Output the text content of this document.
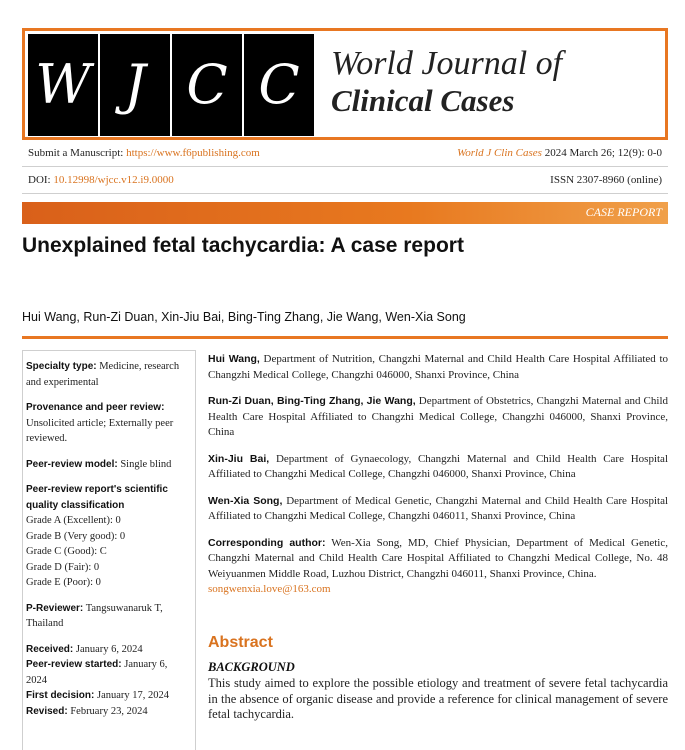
W J C C World Journal of
Clinical Cases
Submit a Manuscript: https://www.f6publishing.com	World J Clin Cases 2024 March 26; 12(9): 0-0
DOI: 10.12998/wjcc.v12.i9.0000	ISSN 2307-8960 (online)
CASE REPORT
Unexplained fetal tachycardia: A case report
Hui Wang, Run-Zi Duan, Xin-Jiu Bai, Bing-Ting Zhang, Jie Wang, Wen-Xia Song
Specialty type: Medicine, research
and experimental
Provenance and peer review:
Unsolicited article; Externally peer
reviewed.
Peer-review model: Single blind
Peer-review report's scientific
quality classification
Grade A (Excellent): 0
Grade B (Very good): 0
Grade C (Good): C
Grade D (Fair): 0
Grade E (Poor): 0
P-Reviewer: Tangsuwanaruk T,
Thailand
Received: January 6, 2024
Peer-review started: January 6,
2024
First decision: January 17, 2024
Revised: February 23, 2024
Hui Wang, Department of Nutrition, Changzhi Maternal and Child Health Care Hospital Affiliated to Changzhi Medical College, Changzhi 046000, Shanxi Province, China
Run-Zi Duan, Bing-Ting Zhang, Jie Wang, Department of Obstetrics, Changzhi Maternal and Child Health Care Hospital Affiliated to Changzhi Medical College, Changzhi 046000, Shanxi Province, China
Xin-Jiu Bai, Department of Gynaecology, Changzhi Maternal and Child Health Care Hospital Affiliated to Changzhi Medical College, Changzhi 046000, Shanxi Province, China
Wen-Xia Song, Department of Medical Genetic, Changzhi Maternal and Child Health Care Hospital Affiliated to Changzhi Medical College, Changzhi 046011, Shanxi Province, China
Corresponding author: Wen-Xia Song, MD, Chief Physician, Department of Medical Genetic, Changzhi Maternal and Child Health Care Hospital Affiliated to Changzhi Medical College, No. 48 Weiyuanmen Middle Road, Luzhou District, Changzhi 046011, Shanxi Province, China.
songwenxia.love@163.com
Abstract
BACKGROUND
This study aimed to explore the possible etiology and treatment of severe fetal tachycardia in the absence of organic disease and provide a reference for clinical management of severe fetal tachycardia.
